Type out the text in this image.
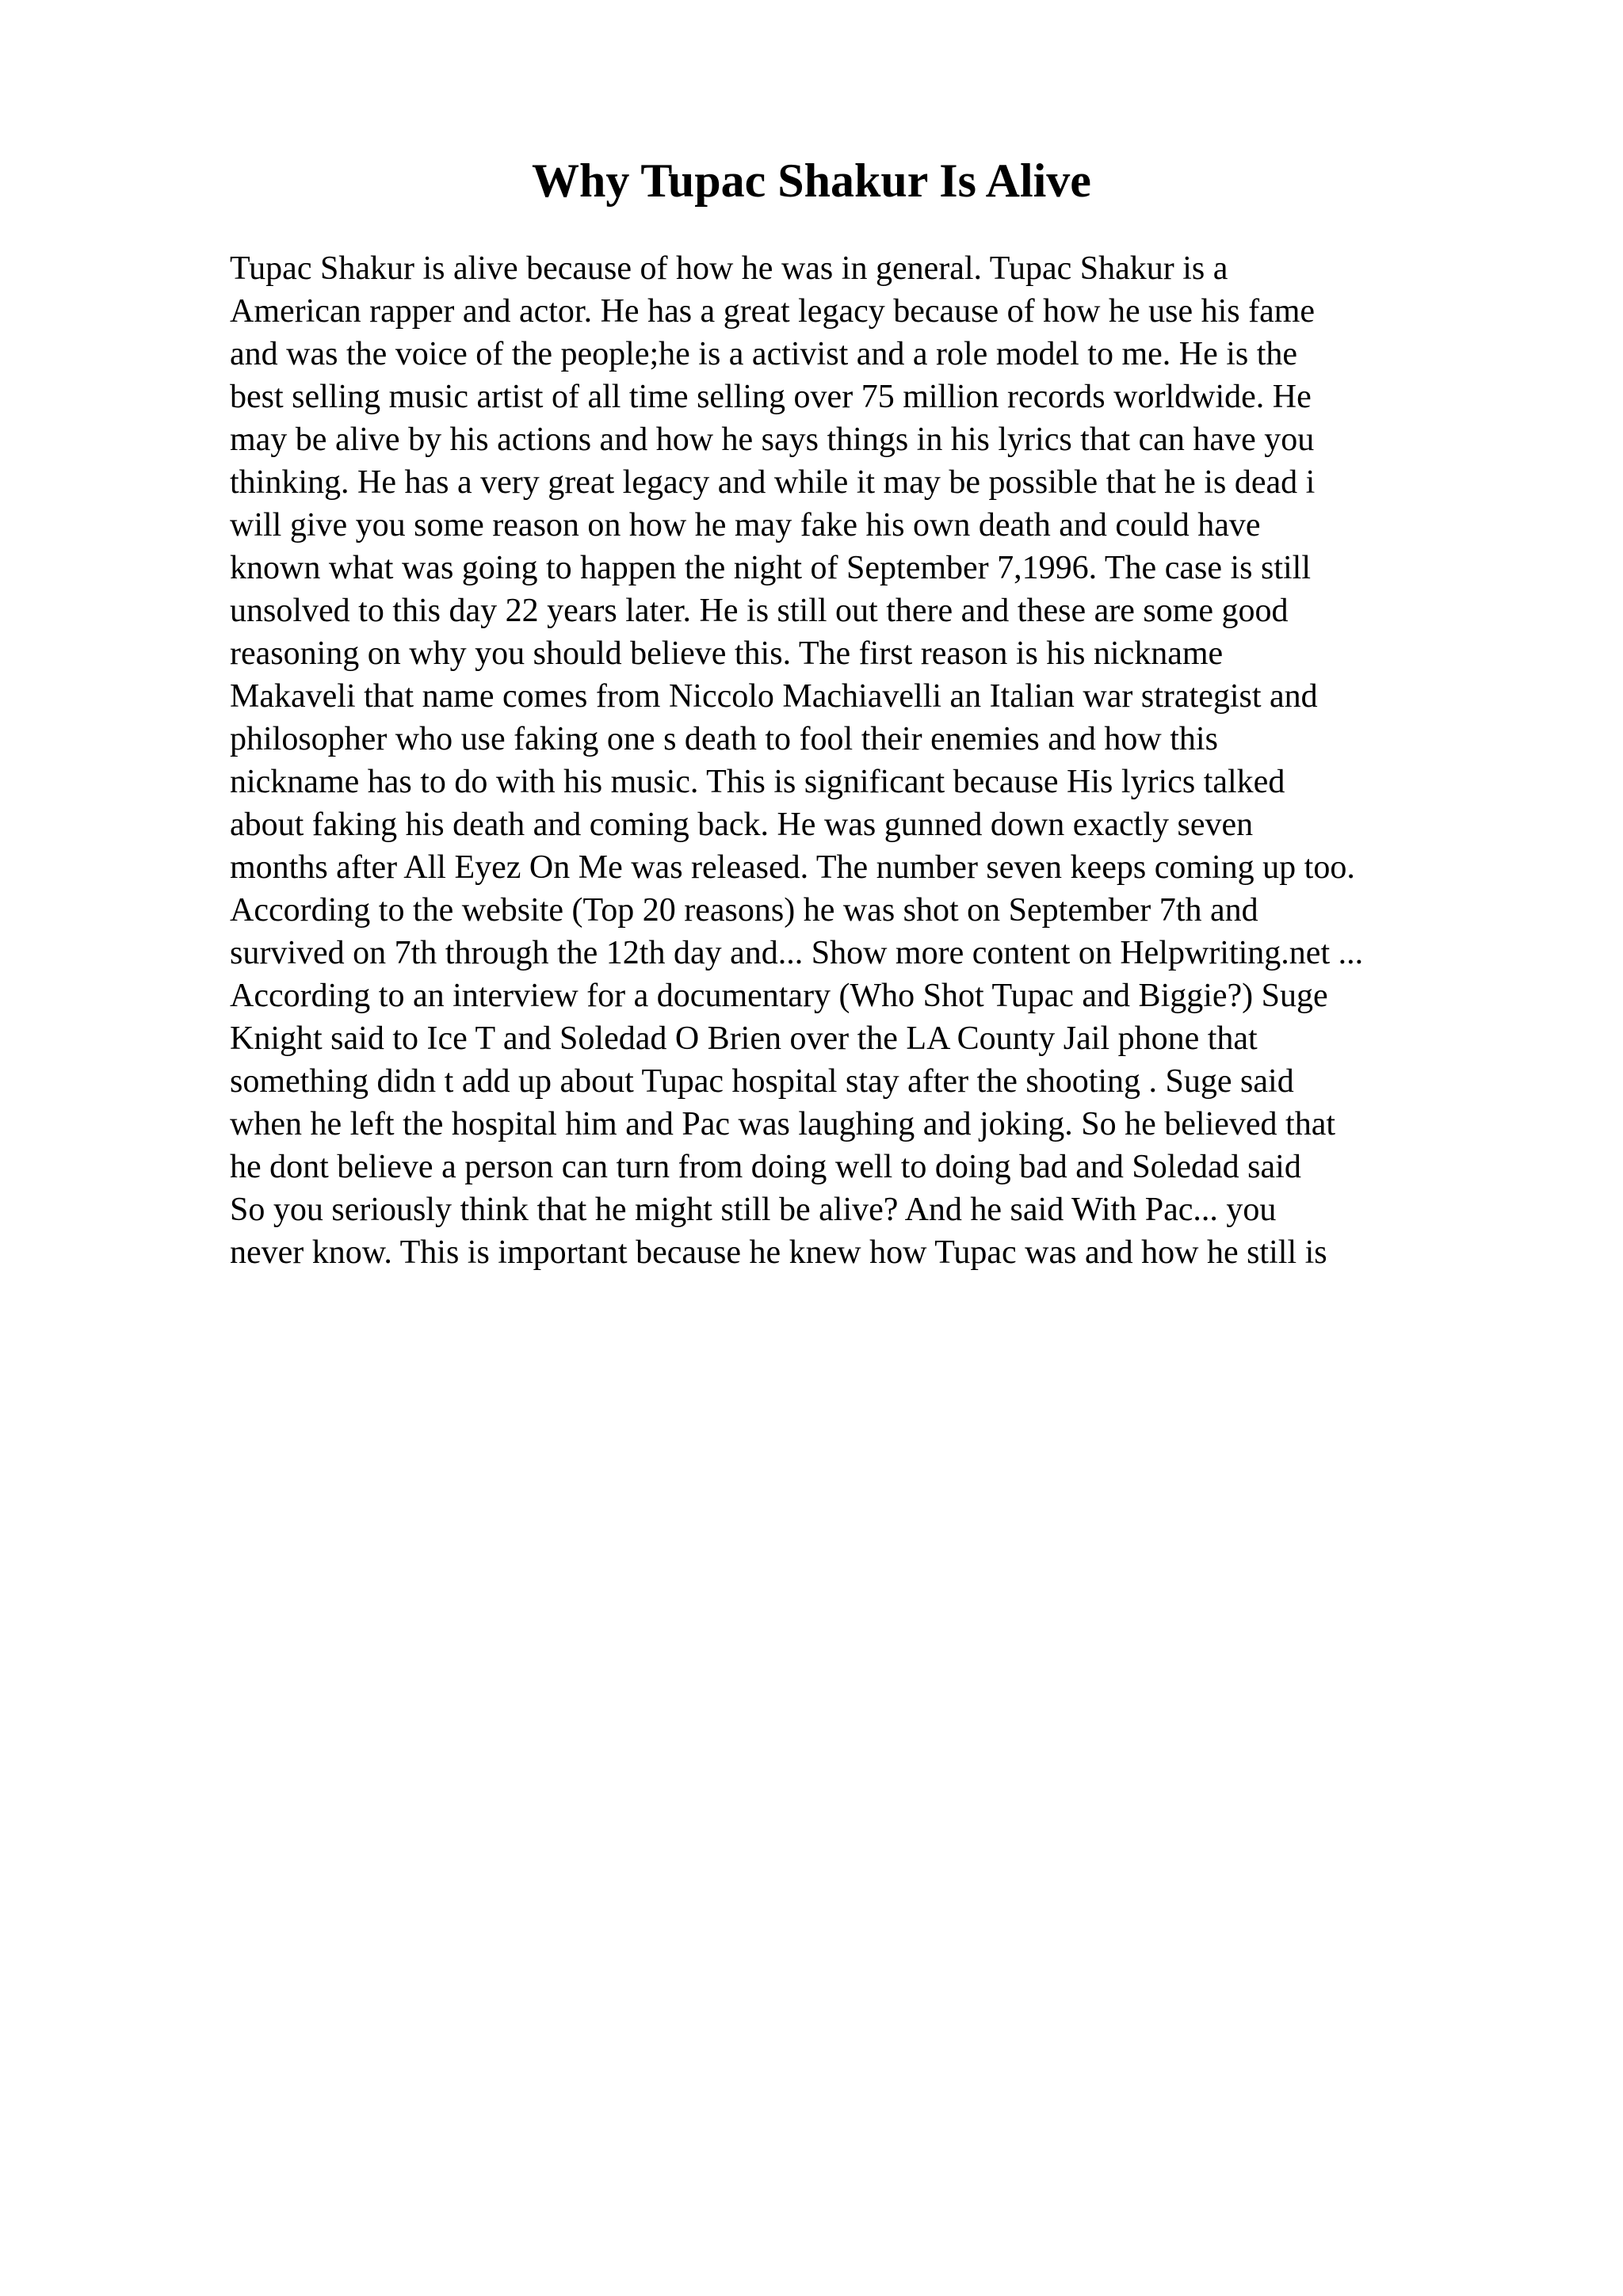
Why Tupac Shakur Is Alive
Tupac Shakur is alive because of how he was in general. Tupac Shakur is a
American rapper and actor. He has a great legacy because of how he use his fame
and was the voice of the people;he is a activist and a role model to me. He is the
best selling music artist of all time selling over 75 million records worldwide. He
may be alive by his actions and how he says things in his lyrics that can have you
thinking. He has a very great legacy and while it may be possible that he is dead i
will give you some reason on how he may fake his own death and could have
known what was going to happen the night of September 7,1996. The case is still
unsolved to this day 22 years later. He is still out there and these are some good
reasoning on why you should believe this. The first reason is his nickname
Makaveli that name comes from Niccolo Machiavelli an Italian war strategist and
philosopher who use faking one s death to fool their enemies and how this
nickname has to do with his music. This is significant because His lyrics talked
about faking his death and coming back. He was gunned down exactly seven
months after All Eyez On Me was released. The number seven keeps coming up too.
According to the website (Top 20 reasons) he was shot on September 7th and
survived on 7th through the 12th day and... Show more content on Helpwriting.net ...
According to an interview for a documentary (Who Shot Tupac and Biggie?) Suge
Knight said to Ice T and Soledad O Brien over the LA County Jail phone that
something didn t add up about Tupac hospital stay after the shooting . Suge said
when he left the hospital him and Pac was laughing and joking. So he believed that
he dont believe a person can turn from doing well to doing bad and Soledad said
So you seriously think that he might still be alive? And he said With Pac... you
never know. This is important because he knew how Tupac was and how he still is
